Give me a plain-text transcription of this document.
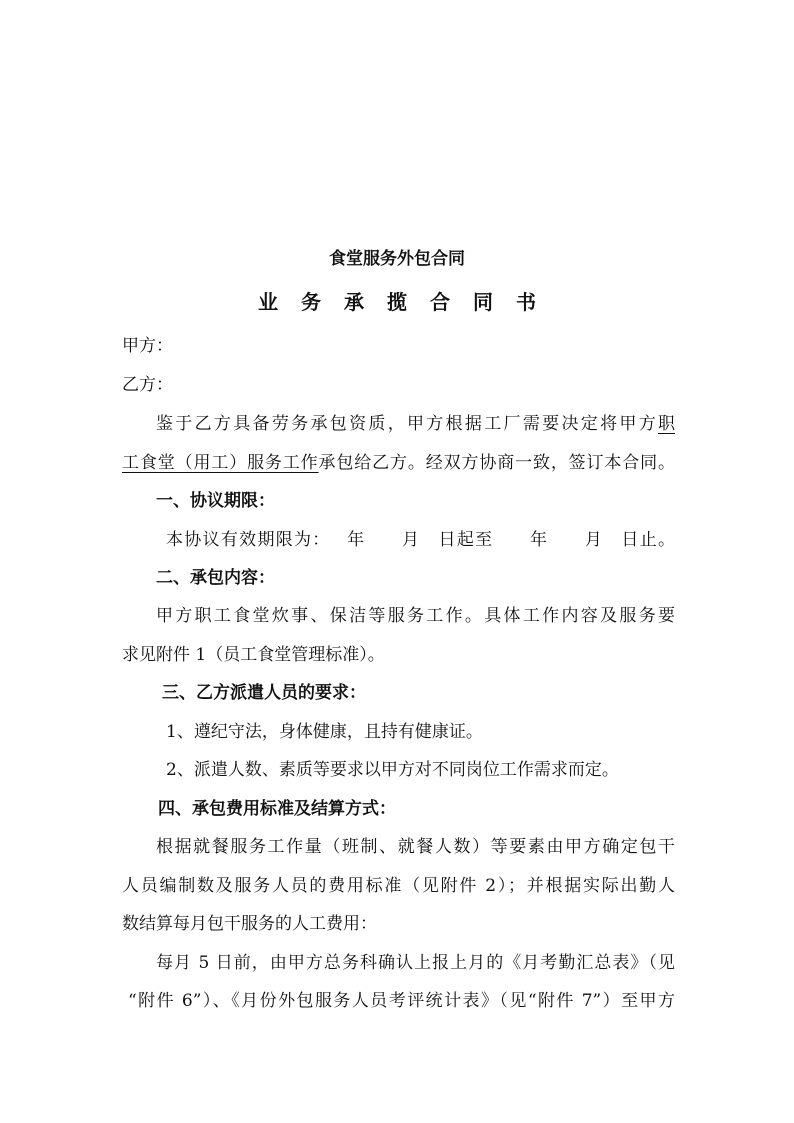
食堂服务外包合同
业 务 承 揽 合 同 书
甲方：
乙方：
鉴于乙方具备劳务承包资质，甲方根据工厂需要决定将甲方职
工食堂（用工）服务工作承包给乙方。经双方协商一致，签订本合同。
一、协议期限：
本协议有效期限为：　 年　　月　日起至　　年　　月　日止。
二、承包内容：
甲方职工食堂炊事、保洁等服务工作。具体工作内容及服务要
求见附件 1（员工食堂管理标准）。
三、乙方派遣人员的要求：
1、遵纪守法，身体健康，且持有健康证。
2、派遣人数、素质等要求以甲方对不同岗位工作需求而定。
四、承包费用标准及结算方式：
根据就餐服务工作量（班制、就餐人数）等要素由甲方确定包干
人员编制数及服务人员的费用标准（见附件 2）；并根据实际出勤人
数结算每月包干服务的人工费用：
每月 5 日前，由甲方总务科确认上报上月的《月考勤汇总表》（见
“附件 6”）、《月份外包服务人员考评统计表》（见“附件 7”）至甲方
